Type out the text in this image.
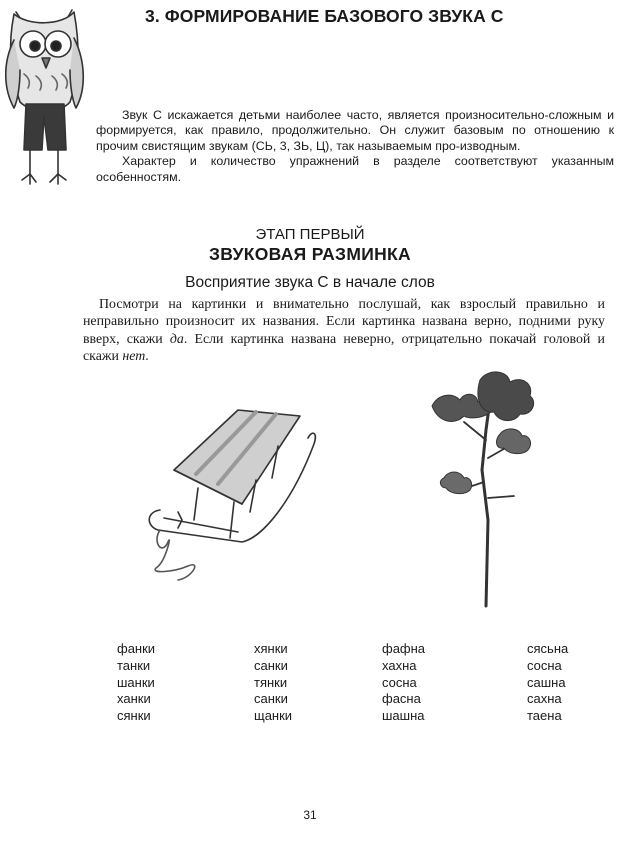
3. ФОРМИРОВАНИЕ БАЗОВОГО ЗВУКА С

Звук С искажается детьми наиболее часто, является произносительно-сложным и формируется, как правило, продолжительно. Он служит базовым по отношению к прочим свистящим звукам (СЬ, 3, ЗЬ, Ц), так называемым про-изводным.

Характер и количество упражнений в разделе соответствуют указанным особенностям.

ЭТАП ПЕРВЫЙ
ЗВУКОВАЯ РАЗМИНКА
Восприятие звука С в начале слов

Посмотри на картинки и внимательно послушай, как взрослый правильно и неправильно произносит их названия. Если картинка названа верно, подними руку вверх, скажи да. Если картинка названа неверно, отрицательно покачай головой и скажи нет.

фанки
танки
шанки
ханки
сянки
хянки
санки
тянки
санки
щанки
фафна
хахна
сосна
фасна
шашна
сясьна
сосна
сашна
сахна
таена
31
